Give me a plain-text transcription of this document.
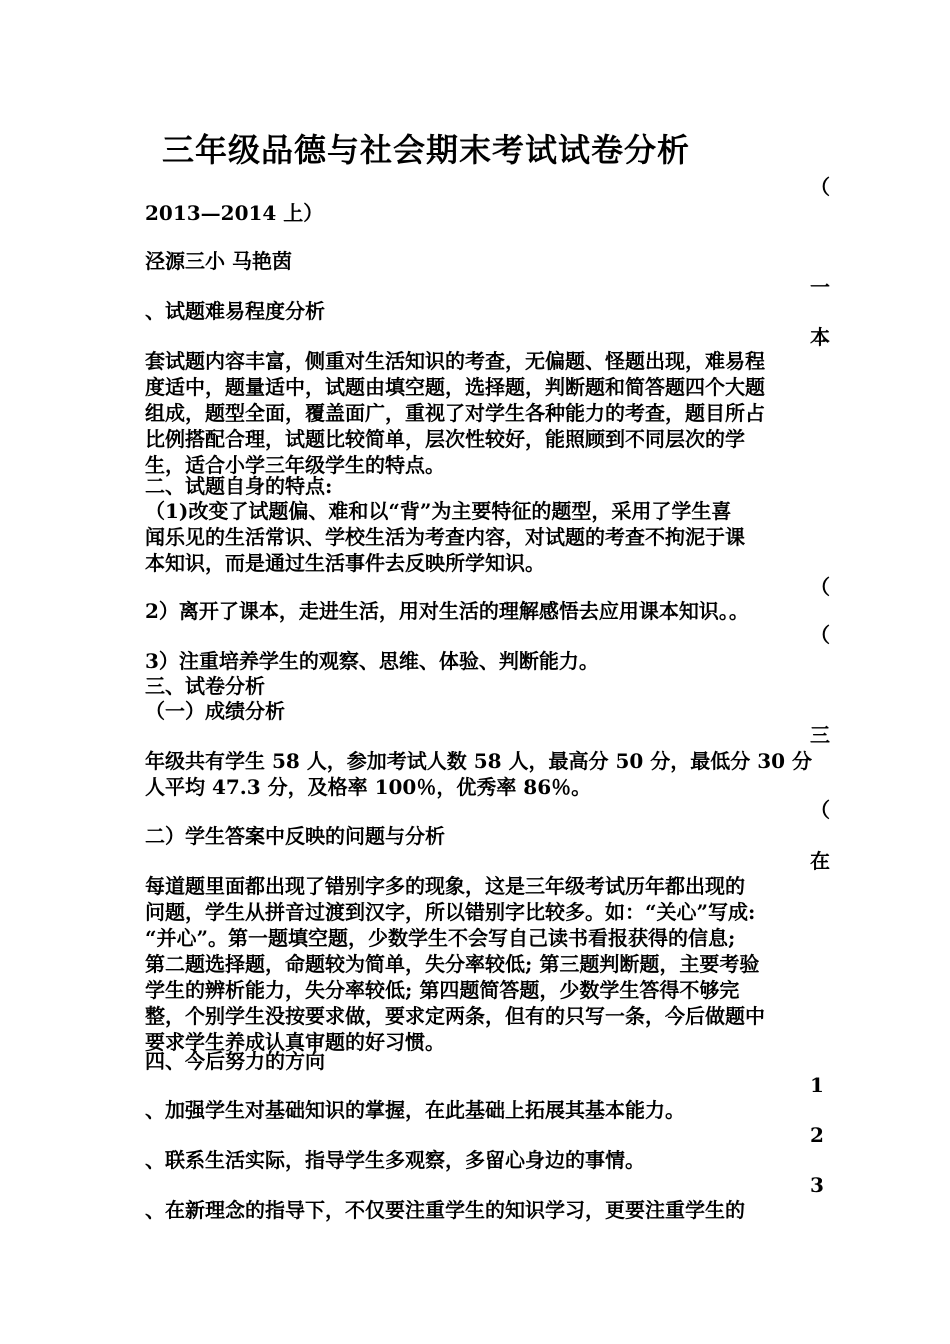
三年级品德与社会期末考试试卷分析
（
2013—2014 上）
泾源三小 马艳茵
一
、试题难易程度分析
本
套试题内容丰富，侧重对生活知识的考查，无偏题、怪题出现，难易程
度适中，题量适中，试题由填空题，选择题，判断题和简答题四个大题
组成，题型全面，覆盖面广，重视了对学生各种能力的考查，题目所占
比例搭配合理，试题比较简单，层次性较好，能照顾到不同层次的学
生，适合小学三年级学生的特点。
二、试题自身的特点:
（1)改变了试题偏、难和以“背”为主要特征的题型，采用了学生喜
闻乐见的生活常识、学校生活为考查内容，对试题的考查不拘泥于课
本知识，而是通过生活事件去反映所学知识。
（
2）离开了课本，走进生活，用对生活的理解感悟去应用课本知识。。
（
3）注重培养学生的观察、思维、体验、判断能力。
三、试卷分析
（一）成绩分析
三
年级共有学生 58 人，参加考试人数 58 人，最高分 50 分，最低分 30 分
人平均 47.3 分，及格率 100％，优秀率 86％。
（
二）学生答案中反映的问题与分析
在
每道题里面都出现了错别字多的现象，这是三年级考试历年都出现的
问题，学生从拼音过渡到汉字，所以错别字比较多。如：“关心”写成:
“并心”。第一题填空题，少数学生不会写自己读书看报获得的信息;
第二题选择题，命题较为简单，失分率较低; 第三题判断题，主要考验
学生的辨析能力，失分率较低; 第四题简答题，少数学生答得不够完
整，个别学生没按要求做，要求定两条，但有的只写一条，今后做题中
要求学生养成认真审题的好习惯。
四、今后努力的方向
1
、加强学生对基础知识的掌握，在此基础上拓展其基本能力。
2
、联系生活实际，指导学生多观察，多留心身边的事情。
3
、在新理念的指导下，不仅要注重学生的知识学习，更要注重学生的
